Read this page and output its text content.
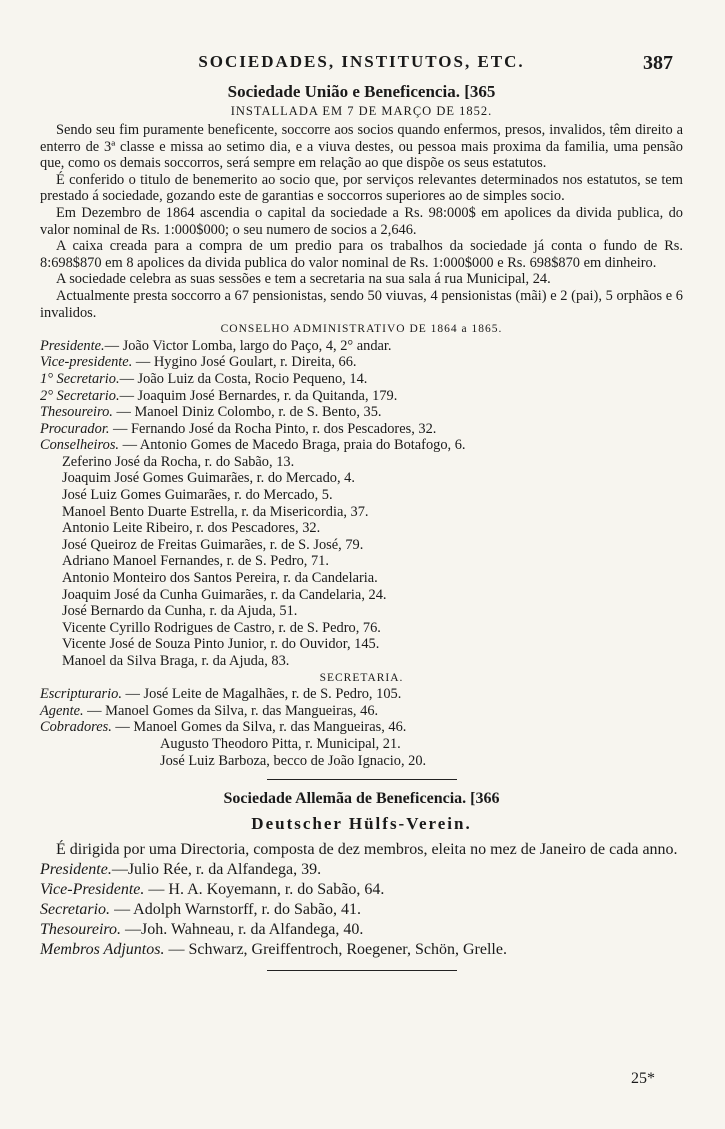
SOCIEDADES, INSTITUTOS, ETC.	387
Sociedade União e Beneficencia. [365
INSTALLADA EM 7 DE MARÇO DE 1852.

Sendo seu fim puramente beneficente, soccorre aos socios quando enfermos, presos, invalidos, têm direito a enterro de 3ª classe e missa ao setimo dia, e a viuva destes, ou pessoa mais proxima da familia, uma pensão que, como os demais soccorros, será sempre em relação ao que dispõe os seus estatutos.

É conferido o titulo de benemerito ao socio que, por serviços relevantes determinados nos estatutos, se tem prestado á sociedade, gozando este de garantias e soccorros superiores ao de simples socio.

Em Dezembro de 1864 ascendia o capital da sociedade a Rs. 98:000$ em apolices da divida publica, do valor nominal de Rs. 1:000$000; o seu numero de socios a 2,646.

A caixa creada para a compra de um predio para os trabalhos da sociedade já conta o fundo de Rs. 8:698$870 em 8 apolices da divida publica do valor nominal de Rs. 1:000$000 e Rs. 698$870 em dinheiro.

A sociedade celebra as suas sessões e tem a secretaria na sua sala á rua Municipal, 24.

Actualmente presta soccorro a 67 pensionistas, sendo 50 viuvas, 4 pensionistas (mãi) e 2 (pai), 5 orphãos e 6 invalidos.

CONSELHO ADMINISTRATIVO DE 1864 a 1865.
Presidente.— João Victor Lomba, largo do Paço, 4, 2° andar.
Vice-presidente. — Hygino José Goulart, r. Direita, 66.
1° Secretario.— João Luiz da Costa, Rocio Pequeno, 14.
2° Secretario.— Joaquim José Bernardes, r. da Quitanda, 179.
Thesoureiro. — Manoel Diniz Colombo, r. de S. Bento, 35.
Procurador. — Fernando José da Rocha Pinto, r. dos Pescadores, 32.
Conselheiros. — Antonio Gomes de Macedo Braga, praia do Botafogo, 6.
Zeferino José da Rocha, r. do Sabão, 13.
Joaquim José Gomes Guimarães, r. do Mercado, 4.
José Luiz Gomes Guimarães, r. do Mercado, 5.
Manoel Bento Duarte Estrella, r. da Misericordia, 37.
Antonio Leite Ribeiro, r. dos Pescadores, 32.
José Queiroz de Freitas Guimarães, r. de S. José, 79.
Adriano Manoel Fernandes, r. de S. Pedro, 71.
Antonio Monteiro dos Santos Pereira, r. da Candelaria.
Joaquim José da Cunha Guimarães, r. da Candelaria, 24.
José Bernardo da Cunha, r. da Ajuda, 51.
Vicente Cyrillo Rodrigues de Castro, r. de S. Pedro, 76.
Vicente José de Souza Pinto Junior, r. do Ouvidor, 145.
Manoel da Silva Braga, r. da Ajuda, 83.
SECRETARIA.
Escripturario. — José Leite de Magalhães, r. de S. Pedro, 105.
Agente. — Manoel Gomes da Silva, r. das Mangueiras, 46.
Cobradores. — Manoel Gomes da Silva, r. das Mangueiras, 46.
Augusto Theodoro Pitta, r. Municipal, 21.
José Luiz Barboza, becco de João Ignacio, 20.
Sociedade Allemãa de Beneficencia. [366
Deutscher Hülfs-Verein.

É dirigida por uma Directoria, composta de dez membros, eleita no mez de Janeiro de cada anno.

Presidente.—Julio Rée, r. da Alfandega, 39.
Vice-Presidente. — H. A. Koyemann, r. do Sabão, 64.
Secretario. — Adolph Warnstorff, r. do Sabão, 41.
Thesoureiro. —Joh. Wahneau, r. da Alfandega, 40.
Membros Adjuntos. — Schwarz, Greiffentroch, Roegener, Schön, Grelle.
25*
